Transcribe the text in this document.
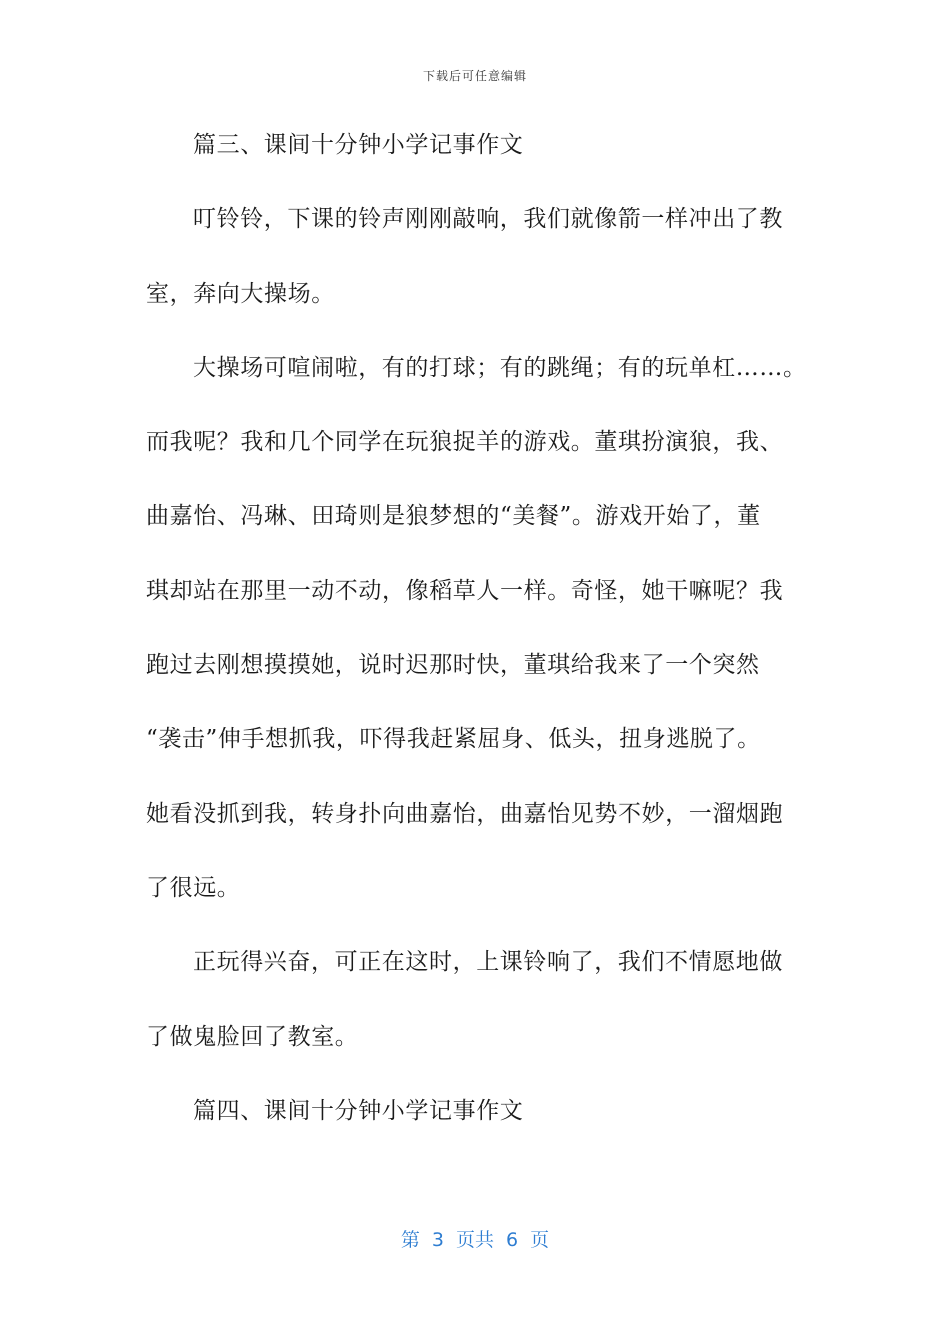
下载后可任意编辑
篇三、课间十分钟小学记事作文
叮铃铃，下课的铃声刚刚敲响，我们就像箭一样冲出了教
室，奔向大操场。
大操场可喧闹啦，有的打球；有的跳绳；有的玩单杠……。
而我呢？我和几个同学在玩狼捉羊的游戏。董琪扮演狼，我、
曲嘉怡、冯琳、田琦则是狼梦想的“美餐”。游戏开始了，董
琪却站在那里一动不动，像稻草人一样。奇怪，她干嘛呢？我
跑过去刚想摸摸她，说时迟那时快，董琪给我来了一个突然
“袭击”伸手想抓我，吓得我赶紧屈身、低头，扭身逃脱了。
她看没抓到我，转身扑向曲嘉怡，曲嘉怡见势不妙，一溜烟跑
了很远。
正玩得兴奋，可正在这时，上课铃响了，我们不情愿地做
了做鬼脸回了教室。
篇四、课间十分钟小学记事作文
第 3 页共 6 页
